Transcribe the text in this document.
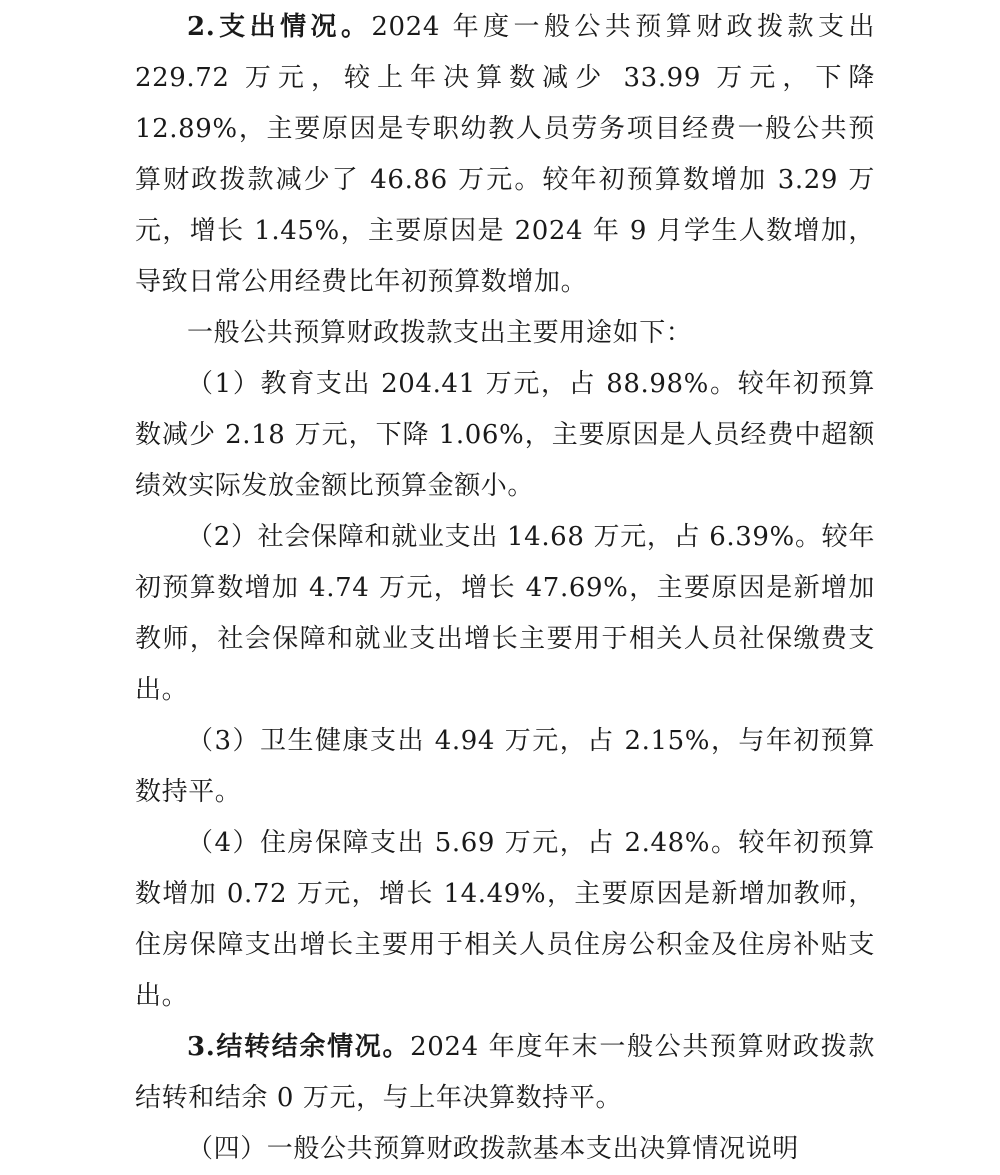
2.支出情况。2024 年度一般公共预算财政拨款支出 229.72 万元，较上年决算数减少 33.99 万元，下降 12.89%，主要原因是专职幼教人员劳务项目经费一般公共预算财政拨款减少了 46.86 万元。较年初预算数增加 3.29 万元，增长 1.45%，主要原因是 2024 年 9 月学生人数增加，导致日常公用经费比年初预算数增加。

一般公共预算财政拨款支出主要用途如下：

（1）教育支出 204.41 万元，占 88.98%。较年初预算数减少 2.18 万元，下降 1.06%，主要原因是人员经费中超额绩效实际发放金额比预算金额小。

（2）社会保障和就业支出 14.68 万元，占 6.39%。较年初预算数增加 4.74 万元，增长 47.69%，主要原因是新增加教师，社会保障和就业支出增长主要用于相关人员社保缴费支出。

（3）卫生健康支出 4.94 万元，占 2.15%，与年初预算数持平。

（4）住房保障支出 5.69 万元，占 2.48%。较年初预算数增加 0.72 万元，增长 14.49%，主要原因是新增加教师，住房保障支出增长主要用于相关人员住房公积金及住房补贴支出。

3.结转结余情况。2024 年度年末一般公共预算财政拨款结转和结余 0 万元，与上年决算数持平。

（四）一般公共预算财政拨款基本支出决算情况说明
